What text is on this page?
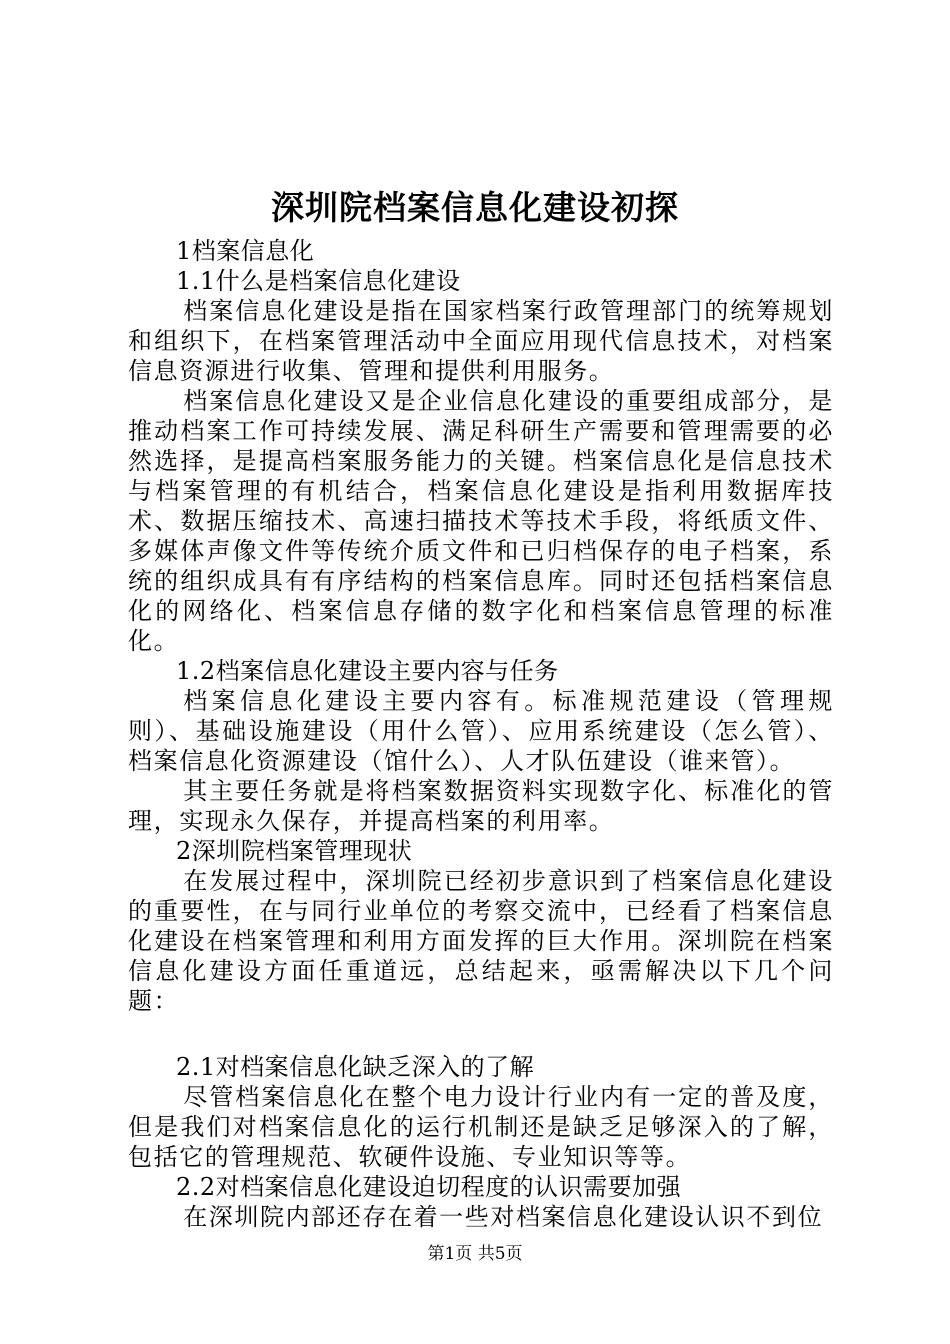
深圳院档案信息化建设初探

1档案信息化

1.1什么是档案信息化建设

档案信息化建设是指在国家档案行政管理部门的统筹规划和组织下，在档案管理活动中全面应用现代信息技术，对档案信息资源进行收集、管理和提供利用服务。

档案信息化建设又是企业信息化建设的重要组成部分，是推动档案工作可持续发展、满足科研生产需要和管理需要的必然选择，是提高档案服务能力的关键。档案信息化是信息技术与档案管理的有机结合，档案信息化建设是指利用数据库技术、数据压缩技术、高速扫描技术等技术手段，将纸质文件、多媒体声像文件等传统介质文件和已归档保存的电子档案，系统的组织成具有有序结构的档案信息库。同时还包括档案信息化的网络化、档案信息存储的数字化和档案信息管理的标准化。

1.2档案信息化建设主要内容与任务

档案信息化建设主要内容有。标准规范建设（管理规则）、基础设施建设（用什么管）、应用系统建设（怎么管）、档案信息化资源建设（馆什么）、人才队伍建设（谁来管）。

其主要任务就是将档案数据资料实现数字化、标准化的管理，实现永久保存，并提高档案的利用率。

2深圳院档案管理现状

在发展过程中，深圳院已经初步意识到了档案信息化建设的重要性，在与同行业单位的考察交流中，已经看了档案信息化建设在档案管理和利用方面发挥的巨大作用。深圳院在档案信息化建设方面任重道远，总结起来，亟需解决以下几个问题：

2.1对档案信息化缺乏深入的了解

尽管档案信息化在整个电力设计行业内有一定的普及度，但是我们对档案信息化的运行机制还是缺乏足够深入的了解，包括它的管理规范、软硬件设施、专业知识等等。

2.2对档案信息化建设迫切程度的认识需要加强

在深圳院内部还存在着一些对档案信息化建设认识不到位

第1页 共5页
